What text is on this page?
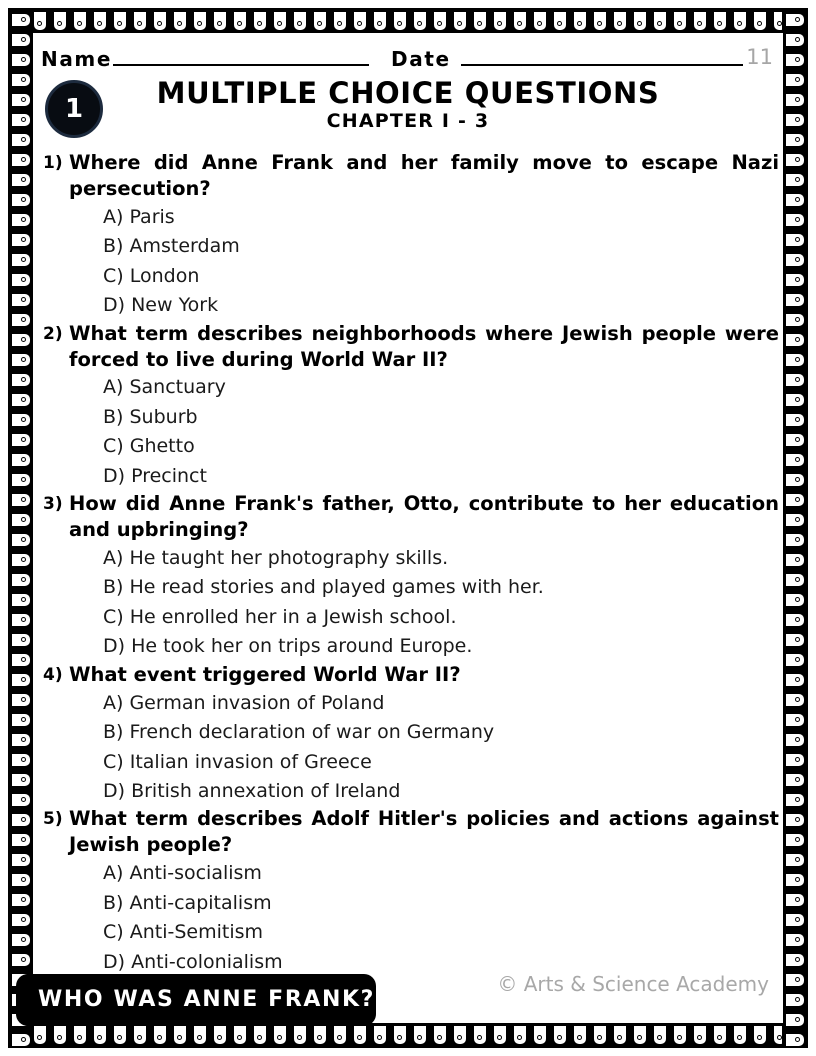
Name	Date	11
1	MULTIPLE CHOICE QUESTIONS
CHAPTER I - 3
1) Where did Anne Frank and her family move to escape Nazi persecution?
A) Paris
B) Amsterdam
C) London
D) New York
2) What term describes neighborhoods where Jewish people were forced to live during World War II?
A) Sanctuary
B) Suburb
C) Ghetto
D) Precinct
3) How did Anne Frank's father, Otto, contribute to her education and upbringing?
A) He taught her photography skills.
B) He read stories and played games with her.
C) He enrolled her in a Jewish school.
D) He took her on trips around Europe.
4) What event triggered World War II?
A) German invasion of Poland
B) French declaration of war on Germany
C) Italian invasion of Greece
D) British annexation of Ireland
5) What term describes Adolf Hitler's policies and actions against Jewish people?
A) Anti-socialism
B) Anti-capitalism
C) Anti-Semitism
D) Anti-colonialism
© Arts & Science Academy
WHO WAS ANNE FRANK?
